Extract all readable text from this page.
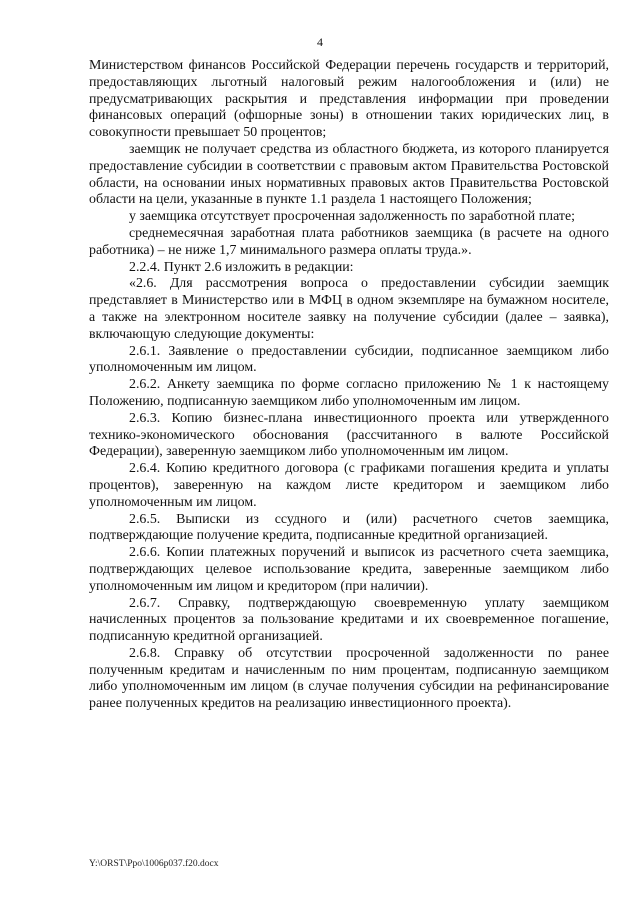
4

Министерством финансов Российской Федерации перечень государств и территорий, предоставляющих льготный налоговый режим налогообложения и (или) не предусматривающих раскрытия и представления информации при проведении финансовых операций (офшорные зоны) в отношении таких юридических лиц, в совокупности превышает 50 процентов;

заемщик не получает средства из областного бюджета, из которого планируется предоставление субсидии в соответствии с правовым актом Правительства Ростовской области, на основании иных нормативных правовых актов Правительства Ростовской области на цели, указанные в пункте 1.1 раздела 1 настоящего Положения;

у заемщика отсутствует просроченная задолженность по заработной плате;

среднемесячная заработная плата работников заемщика (в расчете на одного работника) – не ниже 1,7 минимального размера оплаты труда.».

2.2.4. Пункт 2.6 изложить в редакции:

«2.6. Для рассмотрения вопроса о предоставлении субсидии заемщик представляет в Министерство или в МФЦ в одном экземпляре на бумажном носителе, а также на электронном носителе заявку на получение субсидии (далее – заявка), включающую следующие документы:

2.6.1. Заявление о предоставлении субсидии, подписанное заемщиком либо уполномоченным им лицом.

2.6.2. Анкету заемщика по форме согласно приложению № 1 к настоящему Положению, подписанную заемщиком либо уполномоченным им лицом.

2.6.3. Копию бизнес-плана инвестиционного проекта или утвержденного технико-экономического обоснования (рассчитанного в валюте Российской Федерации), заверенную заемщиком либо уполномоченным им лицом.

2.6.4. Копию кредитного договора (с графиками погашения кредита и уплаты процентов), заверенную на каждом листе кредитором и заемщиком либо уполномоченным им лицом.

2.6.5. Выписки из ссудного и (или) расчетного счетов заемщика, подтверждающие получение кредита, подписанные кредитной организацией.

2.6.6. Копии платежных поручений и выписок из расчетного счета заемщика, подтверждающих целевое использование кредита, заверенные заемщиком либо уполномоченным им лицом и кредитором (при наличии).

2.6.7. Справку, подтверждающую своевременную уплату заемщиком начисленных процентов за пользование кредитами и их своевременное погашение, подписанную кредитной организацией.

2.6.8. Справку об отсутствии просроченной задолженности по ранее полученным кредитам и начисленным по ним процентам, подписанную заемщиком либо уполномоченным им лицом (в случае получения субсидии на рефинансирование ранее полученных кредитов на реализацию инвестиционного проекта).

Y:\ORST\Ppo\1006p037.f20.docx
